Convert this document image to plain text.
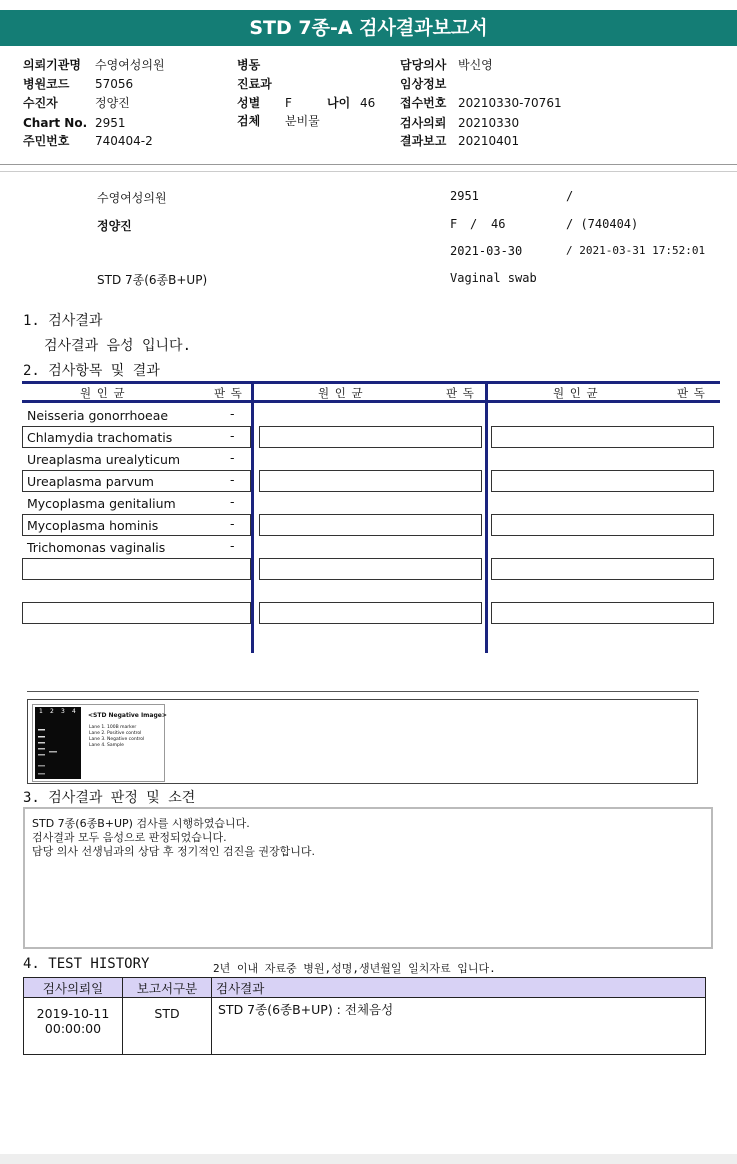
STD 7종-A 검사결과보고서
의뢰기관명 수영여성의원
병원코드 57056
수진자	정양진
Chart No. 2951
주민번호 740404-2
병동
진료과
성별 F	나이 46
검체 분비물
담당의사 박신영
임상정보
접수번호 20210330-70761
검사의뢰 20210330
결과보고 20210401
수영여성의원
정양진
STD 7종(6종B+UP)
2951	/
F / 46	/ (740404)
2021-03-30	/ 2021-03-31 17:52:01
Vaginal swab
1. 검사결과
검사결과 음성 입니다.
2. 검사항목 및 결과
원 인 균	판 독	원 인 균	판 독	원 인 균	판 독
Neisseria gonorrhoeae	-
Chlamydia trachomatis	-
Ureaplasma urealyticum	-
Ureaplasma parvum	-
Mycoplasma genitalium	-
Mycoplasma hominis	-
Trichomonas vaginalis	-
1 2 3 4
<STD Negative Image>
Lane 1. 100B marker
Lane 2. Positive control
Lane 3. Negative control
Lane 4. Sample
3. 검사결과 판정 및 소견
STD 7종(6종B+UP) 검사를 시행하였습니다.
검사결과 모두 음성으로 판정되었습니다.
담당 의사 선생님과의 상담 후 정기적인 검진을 권장합니다.
4. TEST HISTORY	2년 이내 자료중 병원,성명,생년월일 일치자료 입니다.
검사의뢰일	보고서구분	검사결과

2019-10-11
00:00:00	STD	STD 7종(6종B+UP) : 전체음성
